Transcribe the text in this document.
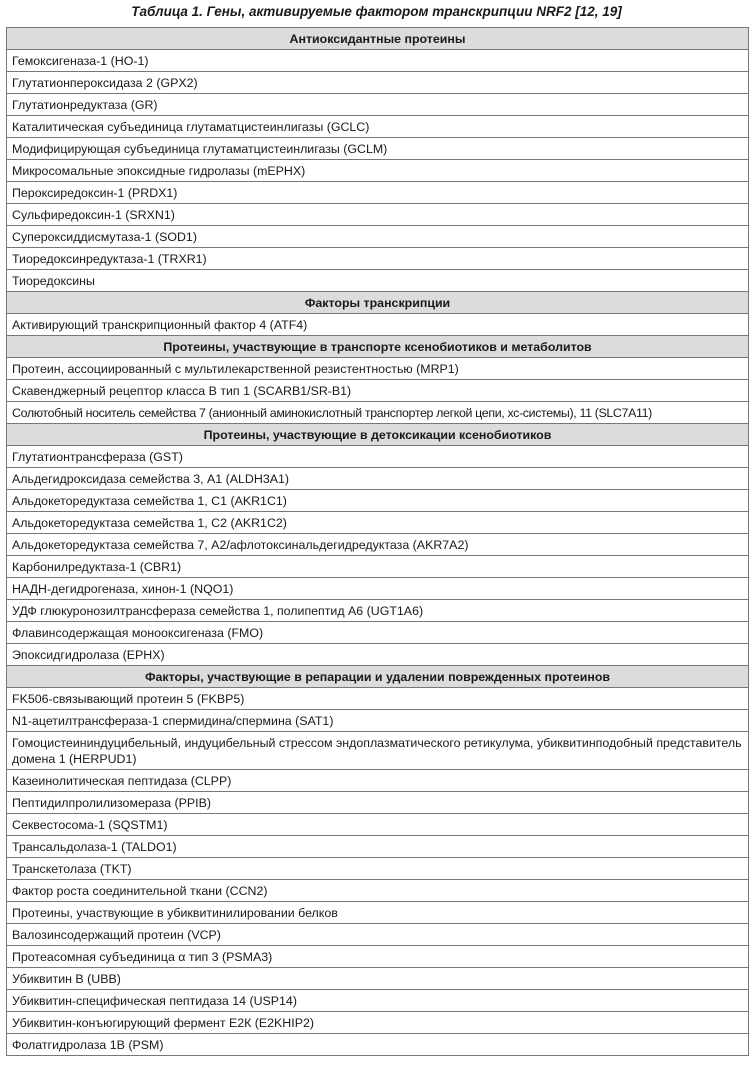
Таблица 1. Гены, активируемые фактором транскрипции NRF2 [12, 19]
Антиоксидантные протеины
Гемоксигеназа-1 (HO-1)
Глутатионпероксидаза 2 (GPX2)
Глутатионредуктаза (GR)
Каталитическая субъединица глутаматцистеинлигазы (GCLC)
Модифицирующая субъединица глутаматцистеинлигазы (GCLM)
Микросомальные эпоксидные гидролазы (mEPHX)
Пероксиредоксин-1 (PRDX1)
Сульфиредоксин-1 (SRXN1)
Супероксиддисмутаза-1 (SOD1)
Тиоредоксинредуктаза-1 (TRXR1)
Тиоредоксины
Факторы транскрипции
Активирующий транскрипционный фактор 4 (ATF4)
Протеины, участвующие в транспорте ксенобиотиков и метаболитов
Протеин, ассоциированный с мультилекарственной резистентностью (MRP1)
Скавенджерный рецептор класса В тип 1 (SCARB1/SR-B1)
Солютобный носитель семейства 7 (анионный аминокислотный транспортер легкой цепи, хс-системы), 11 (SLC7A11)
Протеины, участвующие в детоксикации ксенобиотиков
Глутатионтрансфераза (GST)
Альдегидроксидаза семейства 3, А1 (ALDH3A1)
Альдокеторедуктаза семейства 1, С1 (AKR1C1)
Альдокеторедуктаза семейства 1, С2 (AKR1C2)
Альдокеторедуктаза семейства 7, А2/афлотоксинальдегидредуктаза (AKR7A2)
Карбонилредуктаза-1 (CBR1)
НАДН-дегидрогеназа, хинон-1 (NQO1)
УДФ глюкуронозилтрансфераза семейства 1, полипептид А6 (UGT1A6)
Флавинсодержащая монооксигеназа (FMO)
Эпоксидгидролаза (EPHX)
Факторы, участвующие в репарации и удалении поврежденных протеинов
FK506-связывающий протеин 5 (FKBP5)
N1-ацетилтрансфераза-1 спермидина/спермина (SAT1)
Гомоцистеининдуцибельный, индуцибельный стрессом эндоплазматического ретикулума, убиквитинподобный представитель домена 1 (HERPUD1)
Казеинолитическая пептидаза (CLPP)
Пептидилпролилизомераза (PPIB)
Секвестосома-1 (SQSTM1)
Трансальдолаза-1 (TALDO1)
Транскетолаза (TKT)
Фактор роста соединительной ткани (CCN2)
Протеины, участвующие в убиквитинилировании белков
Валозинсодержащий протеин (VCP)
Протеасомная субъединица α тип 3 (PSMA3)
Убиквитин В (UBB)
Убиквитин-специфическая пептидаза 14 (USP14)
Убиквитин-конъюгирующий фермент Е2К (E2KHIP2)
Фолатгидролаза 1B (PSM)
